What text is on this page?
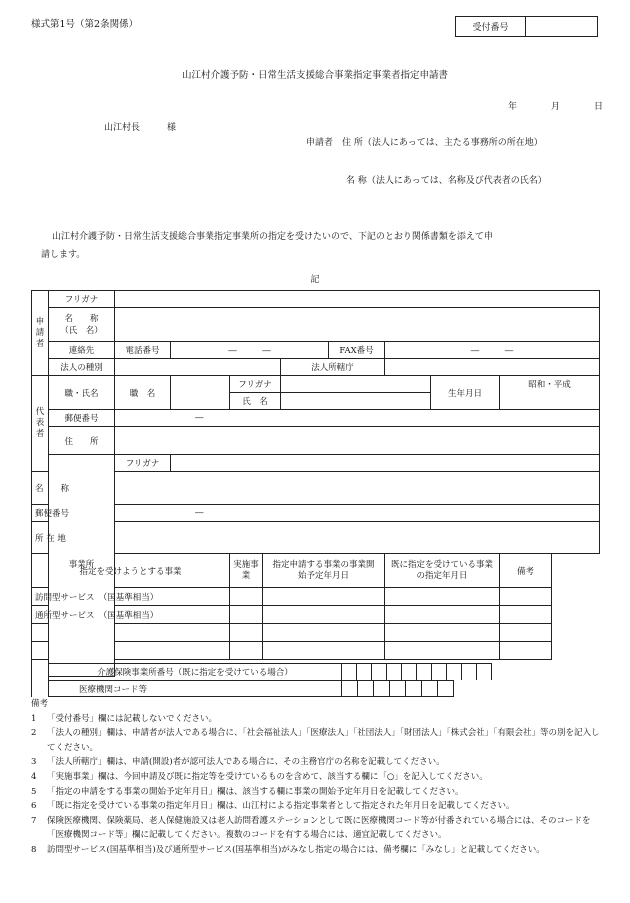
様式第1号（第2条関係）	受付番号
山江村介護予防・日常生活支援総合事業指定事業者指定申請書
年	月	日
山江村長　　　様
申請者　住 所（法人にあっては、主たる事務所の所在地）
名 称（法人にあっては、名称及び代表者の氏名）
山江村介護予防・日常生活支援総合事業指定事業所の指定を受けたいので、下記のとおり関係書類を添えて申
請します。
記
申請者	フリガナ									
	名　　称
（氏　名）									
	連絡先	電話番号	―　　　―				FAX番号	―　　　―		
	法人の種別					法人所轄庁				
代表者	職・氏名	職　名		フリガナ					生年月日	昭和・平成
				氏　名						
	郵便番号	―								
	住　　所									
	事業所	フリガナ								
名　　称										
郵便番号		―								
所 在 地										
指定を受けようとする事業				実施事業	指定申請する事業の事業開始予定年月日			既に指定を受けている事業の指定年月日		備考
訪問型サービス　（国基準相当）										
通所型サービス　（国基準相当）										

介護保険事業所番号（既に指定を受けている場合）
医療機関コード等
備考
1	「受付番号」欄には記載しないでください。
2	「法人の種別」欄は、申請者が法人である場合に、「社会福祉法人」「医療法人」「社団法人」「財団法人」「株式会社」「有限会社」等の別を記入してください。
3	「法人所轄庁」欄は、申請(開設)者が認可法人である場合に、その主務官庁の名称を記載してください。
4	「実施事業」欄は、今回申請及び既に指定等を受けているものを含めて、該当する欄に「○」を記入してください。
5	「指定の申請をする事業の開始予定年月日」欄は、該当する欄に事業の開始予定年月日を記載してください。
6	「既に指定を受けている事業の指定年月日」欄は、山江村による指定事業者として指定された年月日を記載してください。
7	保険医療機関、保険薬局、老人保健施設又は老人訪問看護ステーションとして既に医療機関コード等が付番されている場合には、そのコードを「医療機関コード等」欄に記載してください。複数のコードを有する場合には、適宜記載してください。
8	訪問型サービス(国基準相当)及び通所型サービス(国基準相当)がみなし指定の場合には、備考欄に「みなし」と記載してください。
